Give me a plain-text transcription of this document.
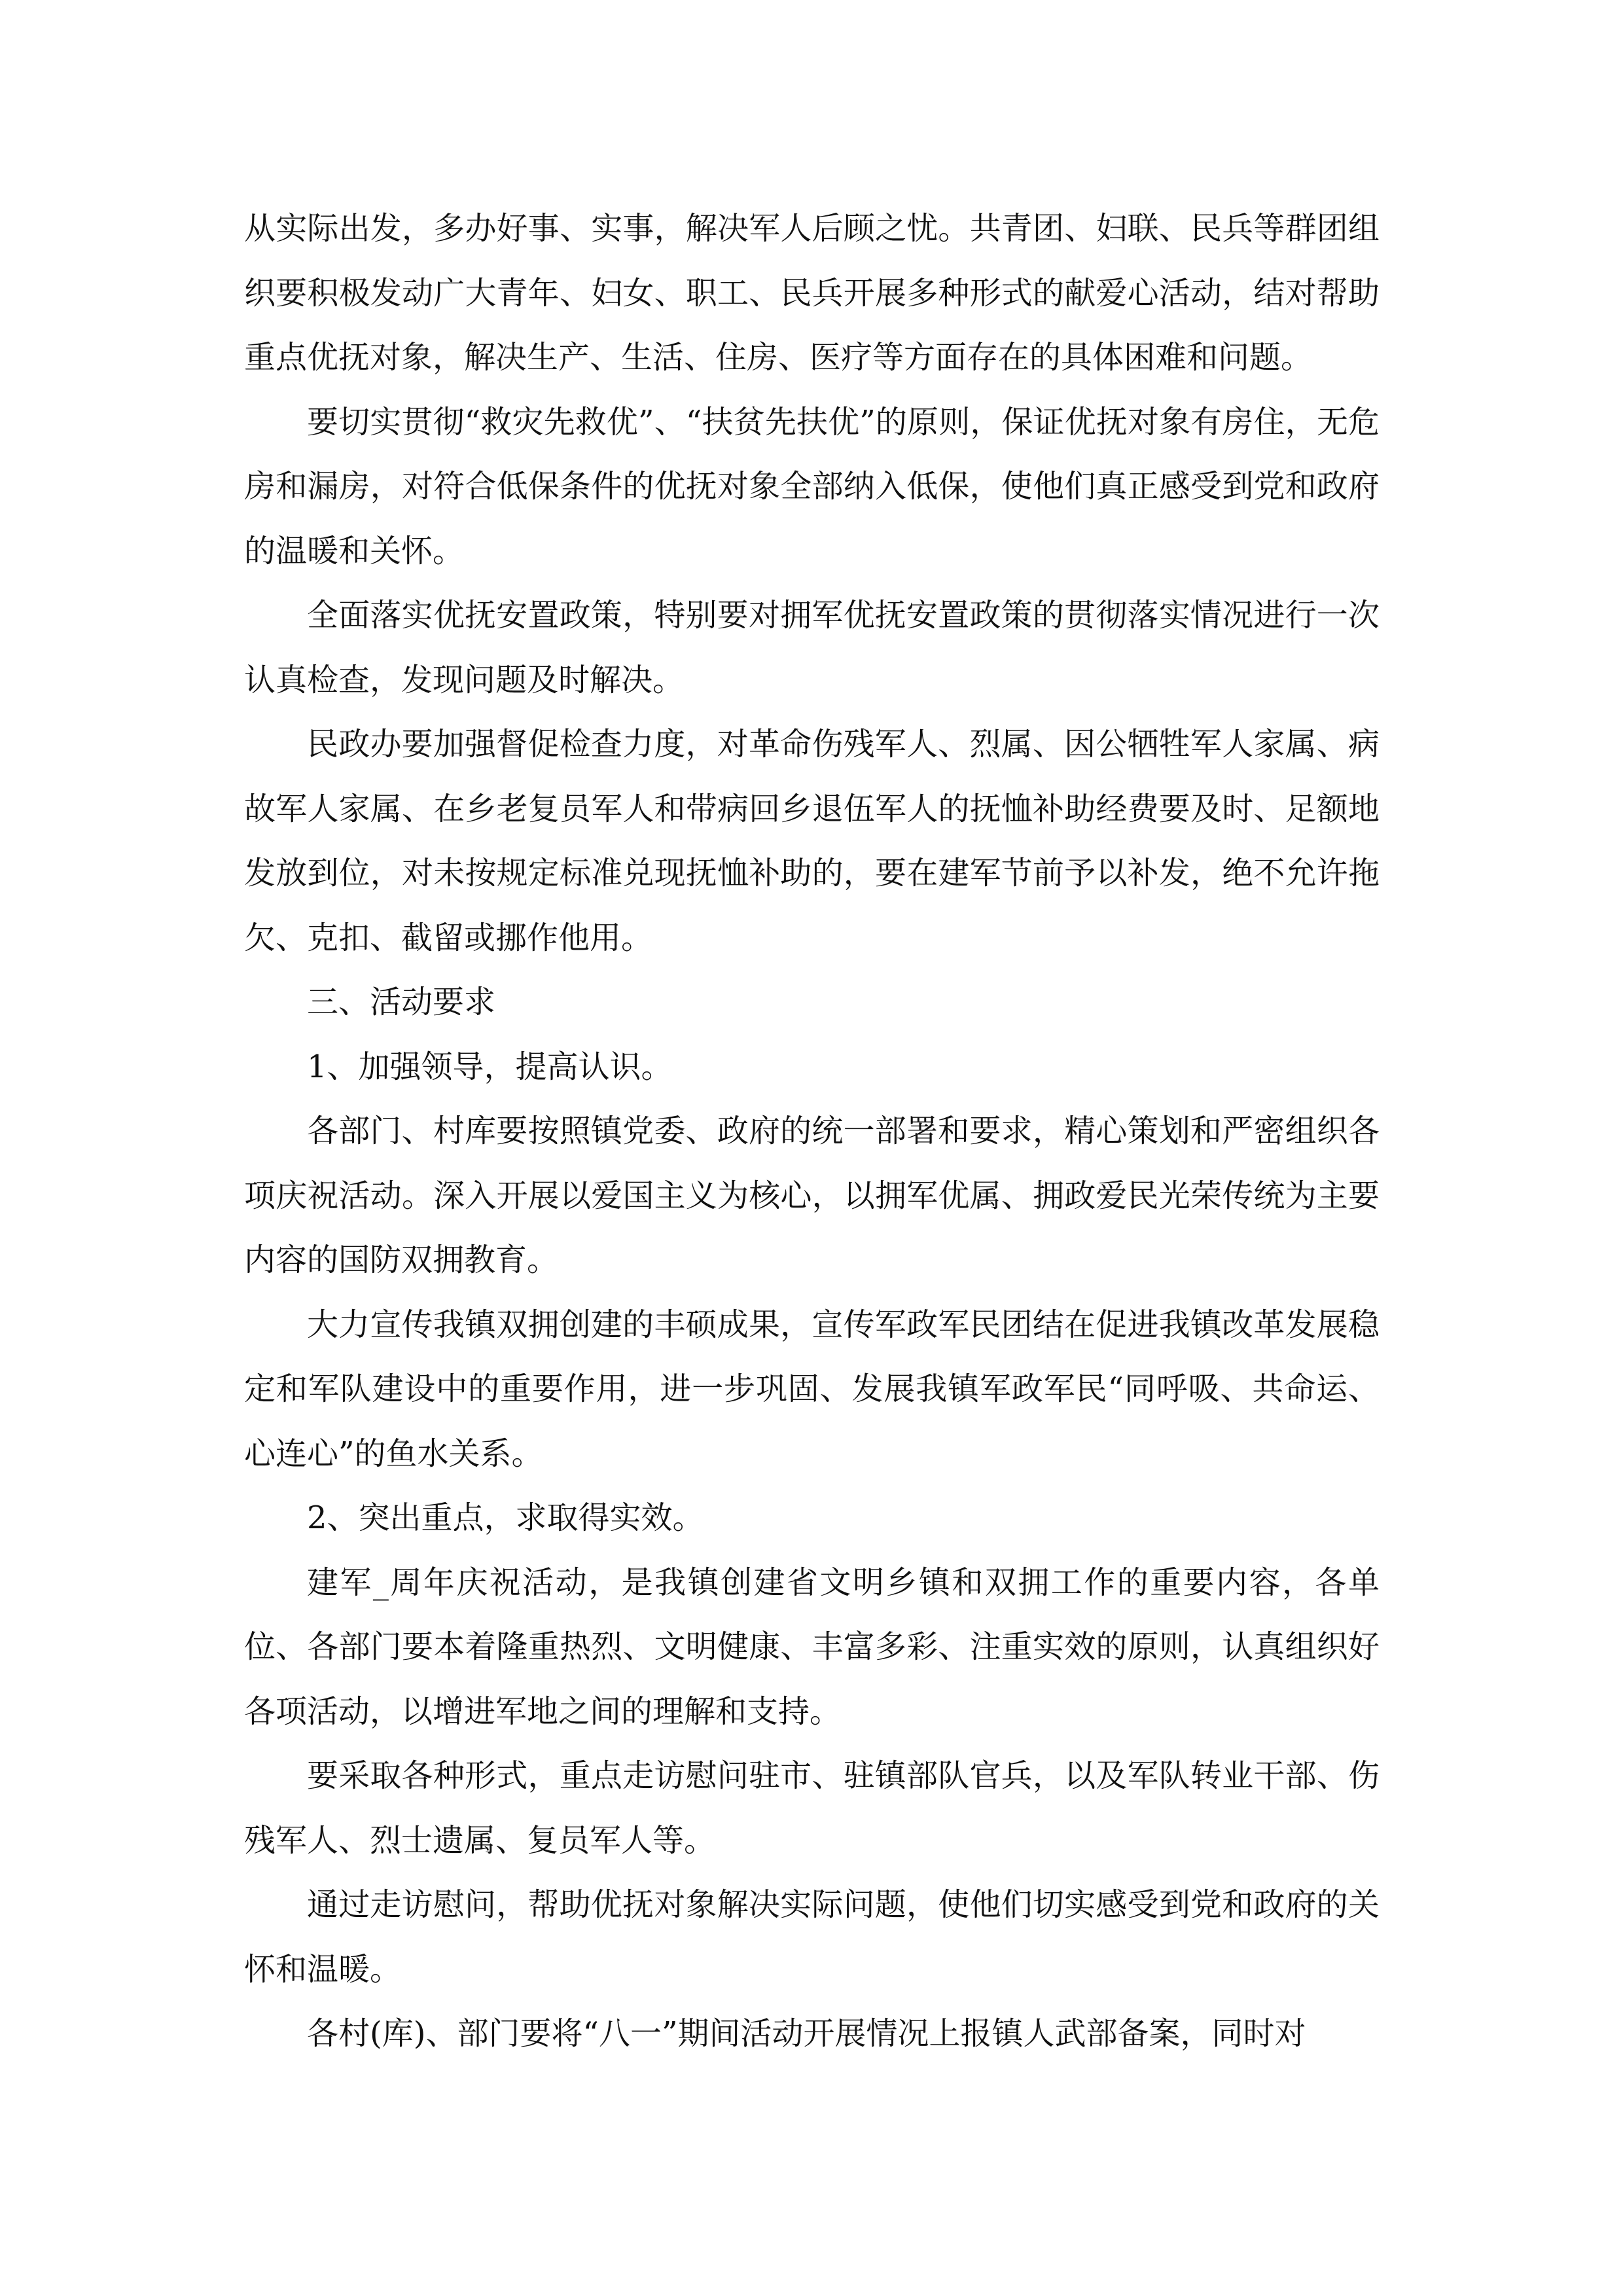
从实际出发，多办好事、实事，解决军人后顾之忧。共青团、妇联、民兵等群团组织要积极发动广大青年、妇女、职工、民兵开展多种形式的献爱心活动，结对帮助重点优抚对象，解决生产、生活、住房、医疗等方面存在的具体困难和问题。

要切实贯彻“救灾先救优”、“扶贫先扶优”的原则，保证优抚对象有房住，无危房和漏房，对符合低保条件的优抚对象全部纳入低保，使他们真正感受到党和政府的温暖和关怀。

全面落实优抚安置政策，特别要对拥军优抚安置政策的贯彻落实情况进行一次认真检查，发现问题及时解决。

民政办要加强督促检查力度，对革命伤残军人、烈属、因公牺牲军人家属、病故军人家属、在乡老复员军人和带病回乡退伍军人的抚恤补助经费要及时、足额地发放到位，对未按规定标准兑现抚恤补助的，要在建军节前予以补发，绝不允许拖欠、克扣、截留或挪作他用。

三、活动要求

1、加强领导，提高认识。

各部门、村库要按照镇党委、政府的统一部署和要求，精心策划和严密组织各项庆祝活动。深入开展以爱国主义为核心，以拥军优属、拥政爱民光荣传统为主要内容的国防双拥教育。

大力宣传我镇双拥创建的丰硕成果，宣传军政军民团结在促进我镇改革发展稳定和军队建设中的重要作用，进一步巩固、发展我镇军政军民“同呼吸、共命运、心连心”的鱼水关系。

2、突出重点，求取得实效。

建军_周年庆祝活动，是我镇创建省文明乡镇和双拥工作的重要内容，各单位、各部门要本着隆重热烈、文明健康、丰富多彩、注重实效的原则，认真组织好各项活动，以增进军地之间的理解和支持。

要采取各种形式，重点走访慰问驻市、驻镇部队官兵，以及军队转业干部、伤残军人、烈士遗属、复员军人等。

通过走访慰问，帮助优抚对象解决实际问题，使他们切实感受到党和政府的关怀和温暖。

各村(库)、部门要将“八一”期间活动开展情况上报镇人武部备案，同时对
